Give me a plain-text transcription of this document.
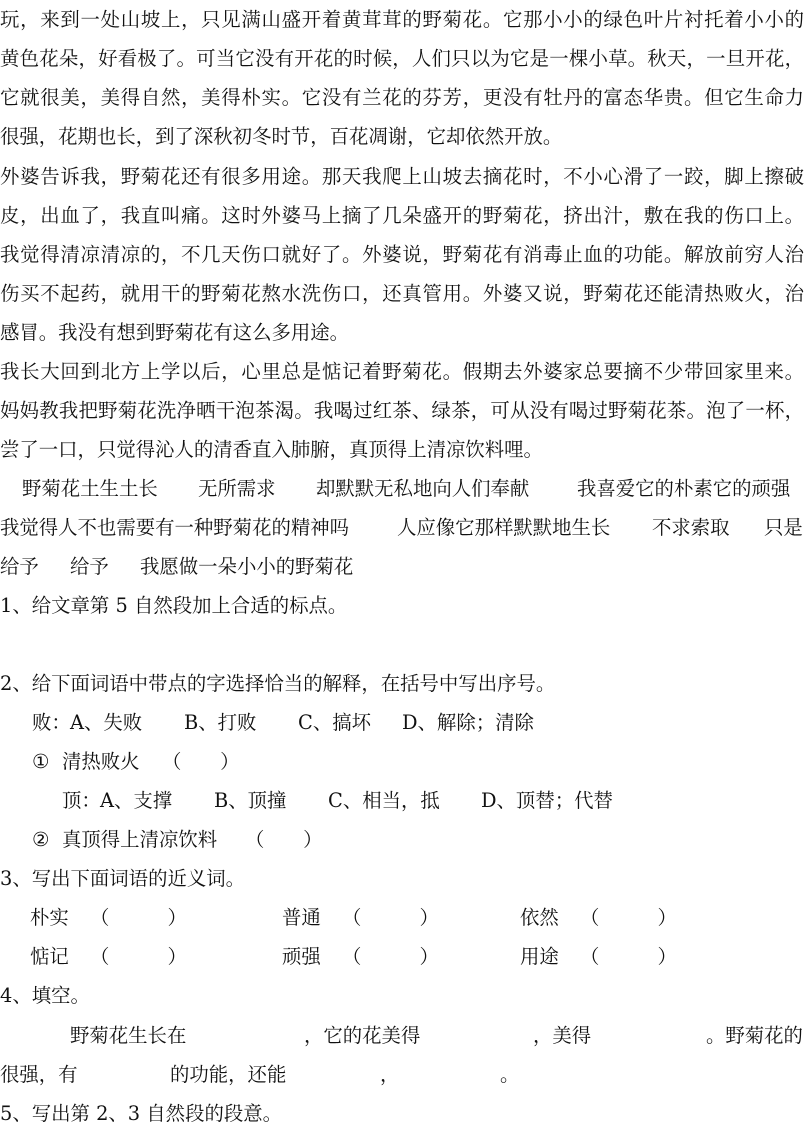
玩，来到一处山坡上，只见满山盛开着黄茸茸的野菊花。它那小小的绿色叶片衬托着小小的
黄色花朵，好看极了。可当它没有开花的时候，人们只以为它是一棵小草。秋天，一旦开花，
它就很美，美得自然，美得朴实。它没有兰花的芬芳，更没有牡丹的富态华贵。但它生命力
很强，花期也长，到了深秋初冬时节，百花凋谢，它却依然开放。
外婆告诉我，野菊花还有很多用途。那天我爬上山坡去摘花时，不小心滑了一跤，脚上擦破
皮，出血了，我直叫痛。这时外婆马上摘了几朵盛开的野菊花，挤出汁，敷在我的伤口上。
我觉得清凉清凉的，不几天伤口就好了。外婆说，野菊花有消毒止血的功能。解放前穷人治
伤买不起药，就用干的野菊花熬水洗伤口，还真管用。外婆又说，野菊花还能清热败火，治
感冒。我没有想到野菊花有这么多用途。
我长大回到北方上学以后，心里总是惦记着野菊花。假期去外婆家总要摘不少带回家里来。
妈妈教我把野菊花洗净晒干泡茶渴。我喝过红茶、绿茶，可从没有喝过野菊花茶。泡了一杯，
尝了一口，只觉得沁人的清香直入肺腑，真顶得上清凉饮料哩。
野菊花土生土长 无所需求 却默默无私地向人们奉献 我喜爱它的朴素它的顽强
我觉得人不也需要有一种野菊花的精神吗 人应像它那样默默地生长 不求索取 只是
给予 给予 我愿做一朵小小的野菊花
1、给文章第 5 自然段加上合适的标点。
2、给下面词语中带点的字选择恰当的解释，在括号中写出序号。
败： A、失败 B、打败 C、搞坏 D、解除；清除
① 清热败火 （　　）
顶： A、支撑 B、顶撞 C、相当，抵 D、顶替；代替
② 真顶得上清凉饮料 （　　）
3、写出下面词语的近义词。
朴实 （　　　）	普通 （　　　）	依然 （　　　）
惦记 （　　　）	顽强 （　　　）	用途 （　　　）
4、填空。
野菊花生长在	，它的花美得	，美得	。野菊花的
很强，有	的功能，还能	，	。
5、写出第 2、3 自然段的段意。
